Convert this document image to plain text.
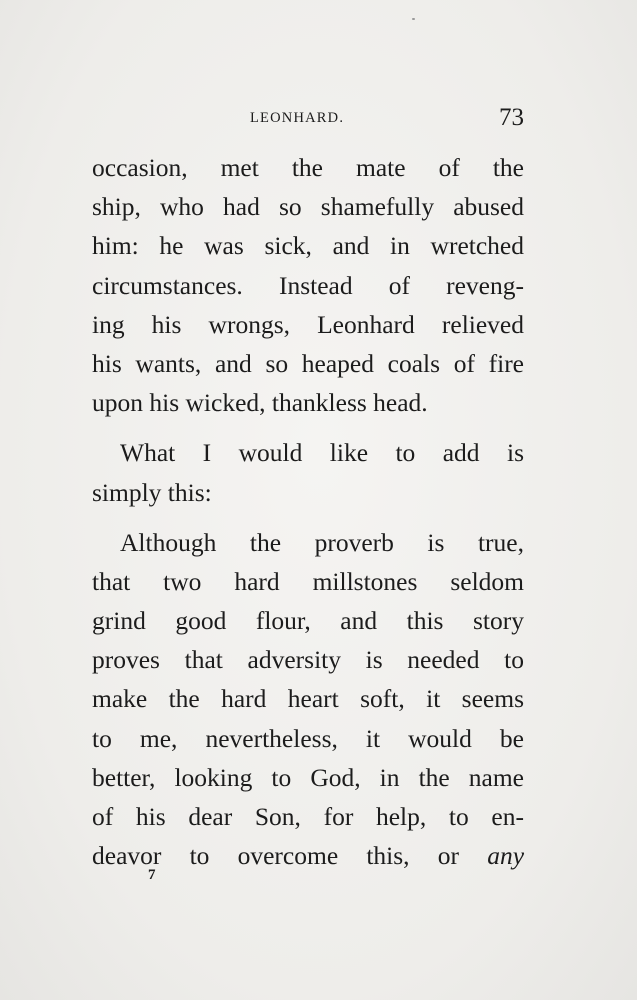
LEONHARD.	73
occasion, met the mate of the
ship, who had so shamefully abused
him: he was sick, and in wretched
circumstances. Instead of reveng-
ing his wrongs, Leonhard relieved
his wants, and so heaped coals of fire
upon his wicked, thankless head.
What I would like to add is
simply this:
Although the proverb is true,
that two hard millstones seldom
grind good flour, and this story
proves that adversity is needed to
make the hard heart soft, it seems
to me, nevertheless, it would be
better, looking to God, in the name
of his dear Son, for help, to en-
deavor to overcome this, or any
7
